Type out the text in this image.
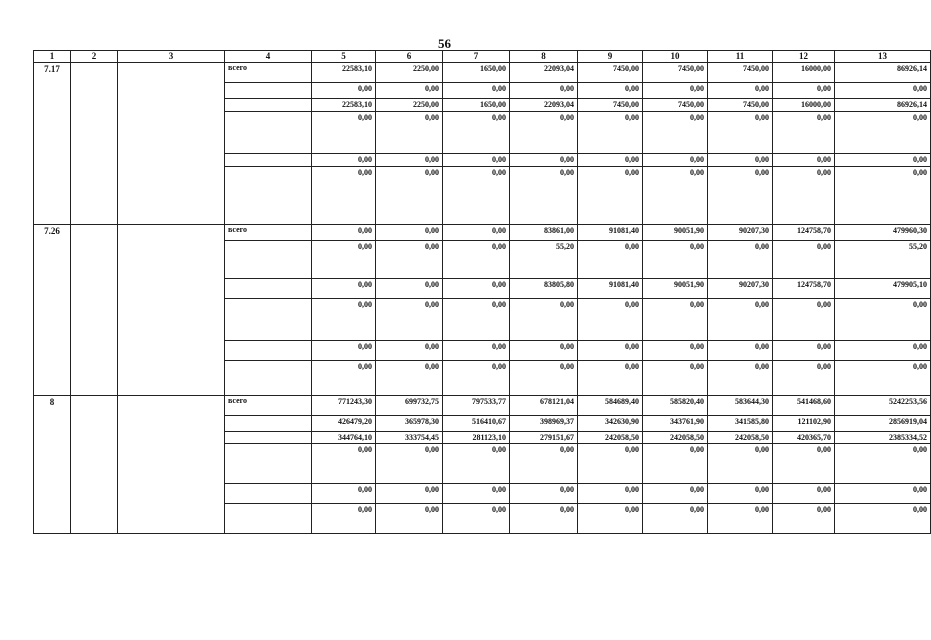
56
1	2	3	4	5	6	7	8	9	10	11	12	13
7.17			всего	22583,10	2250,00	1650,00	22093,04	7450,00	7450,00	7450,00	16000,00	86926,14
				0,00	0,00	0,00	0,00	0,00	0,00	0,00	0,00	0,00
				22583,10	2250,00	1650,00	22093,04	7450,00	7450,00	7450,00	16000,00	86926,14
				0,00	0,00	0,00	0,00	0,00	0,00	0,00	0,00	0,00
				0,00	0,00	0,00	0,00	0,00	0,00	0,00	0,00	0,00
				0,00	0,00	0,00	0,00	0,00	0,00	0,00	0,00	0,00
7.26			всего	0,00	0,00	0,00	83861,00	91081,40	90051,90	90207,30	124758,70	479960,30
				0,00	0,00	0,00	55,20	0,00	0,00	0,00	0,00	55,20
				0,00	0,00	0,00	83805,80	91081,40	90051,90	90207,30	124758,70	479905,10
				0,00	0,00	0,00	0,00	0,00	0,00	0,00	0,00	0,00
				0,00	0,00	0,00	0,00	0,00	0,00	0,00	0,00	0,00
				0,00	0,00	0,00	0,00	0,00	0,00	0,00	0,00	0,00
8			всего	771243,30	699732,75	797533,77	678121,04	584689,40	585820,40	583644,30	541468,60	5242253,56
				426479,20	365978,30	516410,67	398969,37	342630,90	343761,90	341585,80	121102,90	2856919,04
				344764,10	333754,45	281123,10	279151,67	242058,50	242058,50	242058,50	420365,70	2385334,52
				0,00	0,00	0,00	0,00	0,00	0,00	0,00	0,00	0,00
				0,00	0,00	0,00	0,00	0,00	0,00	0,00	0,00	0,00
				0,00	0,00	0,00	0,00	0,00	0,00	0,00	0,00	0,00
